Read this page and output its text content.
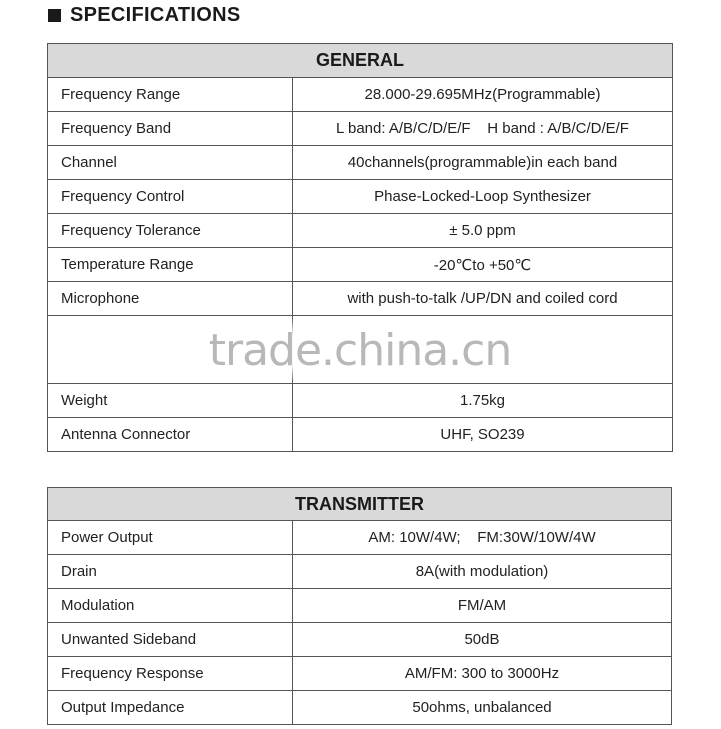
SPECIFICATIONS
GENERAL	
Frequency Range	28.000-29.695MHz(Programmable)
Frequency Band	L band: A/B/C/D/E/F    H band : A/B/C/D/E/F
Channel	40channels(programmable)in each band
Frequency Control	Phase-Locked-Loop Synthesizer
Frequency Tolerance	± 5.0 ppm
Temperature Range	-20℃to +50℃
Microphone	with push-to-talk /UP/DN and coiled cord

Weight	1.75kg
Antenna Connector	UHF, SO239
trade.china.cn
TRANSMITTER	
Power Output	AM: 10W/4W;    FM:30W/10W/4W
Drain	8A(with modulation)
Modulation	FM/AM
Unwanted Sideband	50dB
Frequency Response	AM/FM: 300 to 3000Hz
Output Impedance	50ohms, unbalanced
